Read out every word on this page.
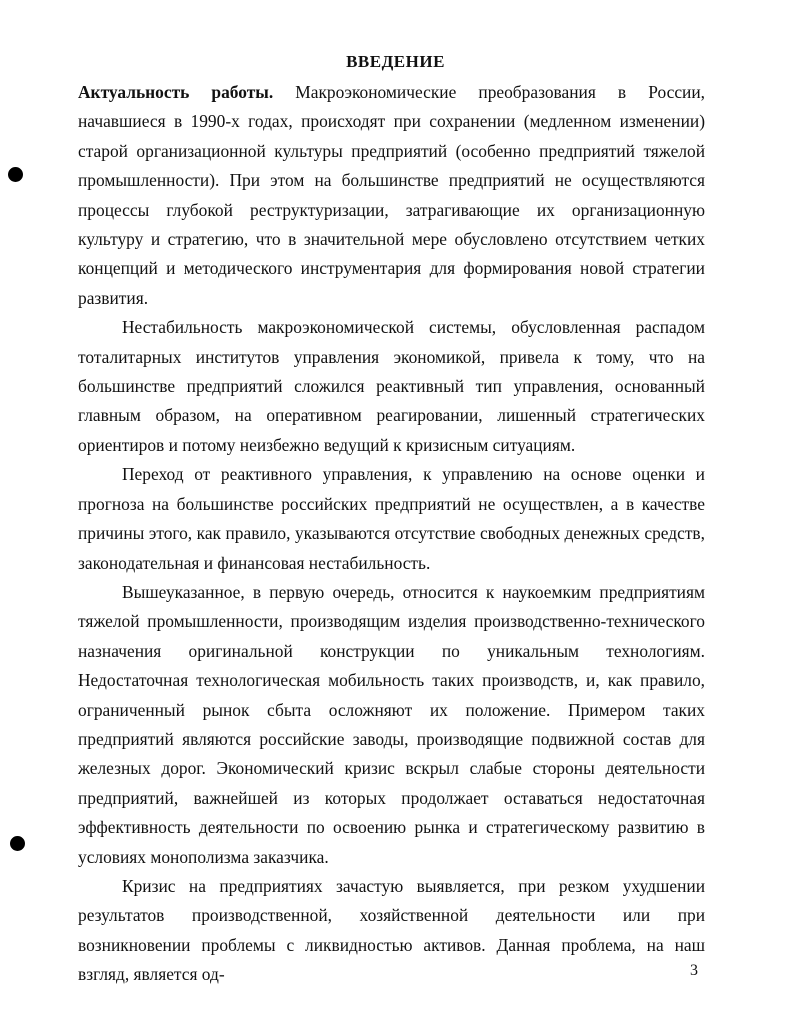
ВВЕДЕНИЕ

Актуальность работы. Макроэкономические преобразования в России, начавшиеся в 1990-х годах, происходят при сохранении (медленном изменении) старой организационной культуры предприятий (особенно предприятий тяжелой промышленности). При этом на большинстве предприятий не осуществляются процессы глубокой реструктуризации, затрагивающие их организационную культуру и стратегию, что в значительной мере обусловлено отсутствием четких концепций и методического инструментария для формирования новой стратегии развития.

Нестабильность макроэкономической системы, обусловленная распадом тоталитарных институтов управления экономикой, привела к тому, что на большинстве предприятий сложился реактивный тип управления, основанный главным образом, на оперативном реагировании, лишенный стратегических ориентиров и потому неизбежно ведущий к кризисным ситуациям.

Переход от реактивного управления, к управлению на основе оценки и прогноза на большинстве российских предприятий не осуществлен, а в качестве причины этого, как правило, указываются отсутствие свободных денежных средств, законодательная и финансовая нестабильность.

Вышеуказанное, в первую очередь, относится к наукоемким предприятиям тяжелой промышленности, производящим изделия производственно-технического назначения оригинальной конструкции по уникальным технологиям. Недостаточная технологическая мобильность таких производств, и, как правило, ограниченный рынок сбыта осложняют их положение. Примером таких предприятий являются российские заводы, производящие подвижной состав для железных дорог. Экономический кризис вскрыл слабые стороны деятельности предприятий, важнейшей из которых продолжает оставаться недостаточная эффективность деятельности по освоению рынка и стратегическому развитию в условиях монополизма заказчика.

Кризис на предприятиях зачастую выявляется, при резком ухудшении результатов производственной, хозяйственной деятельности или при возникновении проблемы с ликвидностью активов. Данная проблема, на наш взгляд, является од-	3
